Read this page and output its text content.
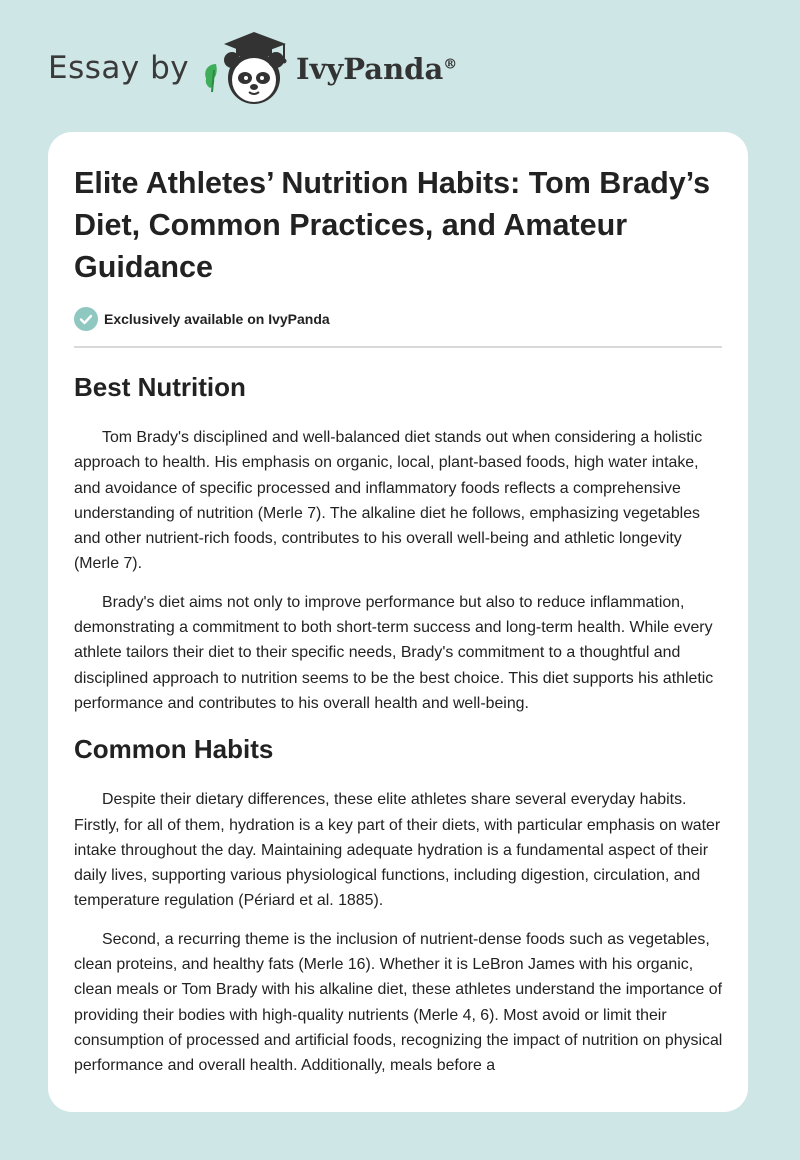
Essay by	IvyPanda®
Elite Athletes’ Nutrition Habits: Tom Brady’s Diet, Common Practices, and Amateur Guidance
Exclusively available on IvyPanda
Best Nutrition

Tom Brady's disciplined and well-balanced diet stands out when considering a holistic approach to health. His emphasis on organic, local, plant-based foods, high water intake, and avoidance of specific processed and inflammatory foods reflects a comprehensive understanding of nutrition (Merle 7). The alkaline diet he follows, emphasizing vegetables and other nutrient-rich foods, contributes to his overall well-being and athletic longevity (Merle 7).

Brady's diet aims not only to improve performance but also to reduce inflammation, demonstrating a commitment to both short-term success and long-term health. While every athlete tailors their diet to their specific needs, Brady's commitment to a thoughtful and disciplined approach to nutrition seems to be the best choice. This diet supports his athletic performance and contributes to his overall health and well-being.

Common Habits

Despite their dietary differences, these elite athletes share several everyday habits. Firstly, for all of them, hydration is a key part of their diets, with particular emphasis on water intake throughout the day. Maintaining adequate hydration is a fundamental aspect of their daily lives, supporting various physiological functions, including digestion, circulation, and temperature regulation (Périard et al. 1885).

Second, a recurring theme is the inclusion of nutrient-dense foods such as vegetables, clean proteins, and healthy fats (Merle 16). Whether it is LeBron James with his organic, clean meals or Tom Brady with his alkaline diet, these athletes understand the importance of providing their bodies with high-quality nutrients (Merle 4, 6). Most avoid or limit their consumption of processed and artificial foods, recognizing the impact of nutrition on physical performance and overall health. Additionally, meals before a
